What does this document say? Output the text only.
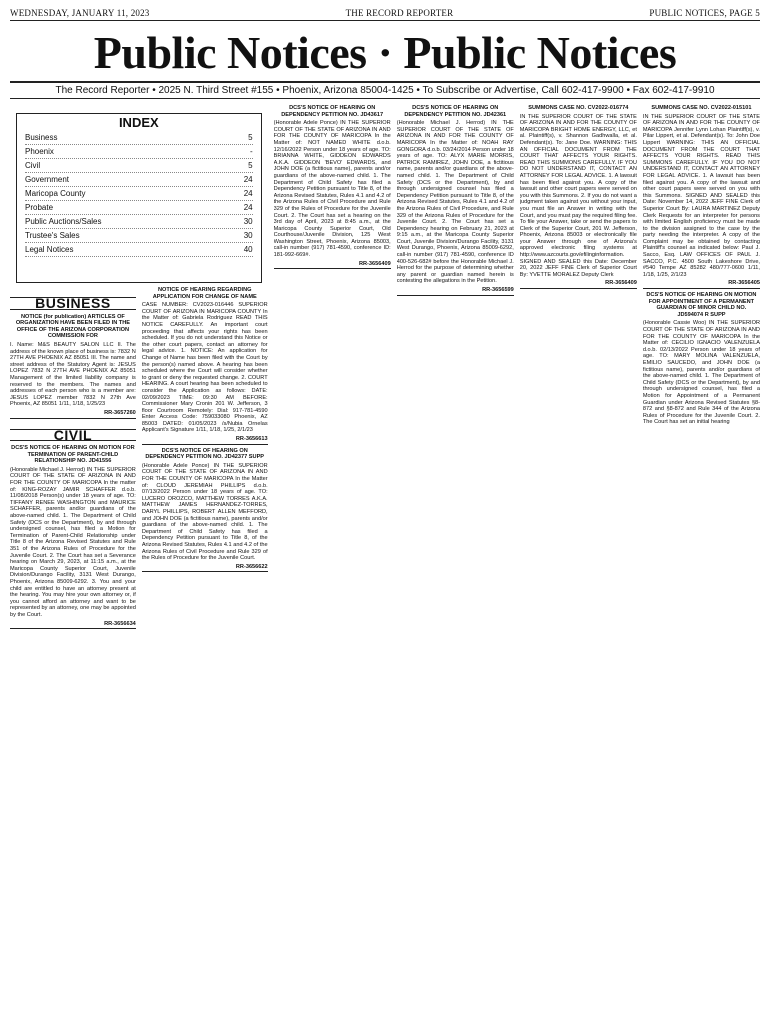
WEDNESDAY, JANUARY 11, 2023	THE RECORD REPORTER	PUBLIC NOTICES, PAGE 5
Public Notices · Public Notices
The Record Reporter • 2025 N. Third Street #155 • Phoenix, Arizona 85004-1425 • To Subscribe or Advertise, Call 602-417-9900 • Fax 602-417-9910
INDEX
Business	5
Phoenix	-
Civil	5
Government	24
Maricopa County	24
Probate	24
Public Auctions/Sales	30
Trustee's Sales	30
Legal Notices	40
BUSINESS

NOTICE (for publication) ARTICLES OF ORGANIZATION HAVE BEEN FILED IN THE OFFICE OF THE ARIZONA CORPORATION COMMISSION FOR

I. Name: M&S BEAUTY SALON LLC II. The address of the known place of business is: 7832 N 27TH AVE PHOENIX AZ 85051 III. The name and street address of the Statutory Agent is: JESUS LOPEZ 7832 N 27TH AVE PHOENIX AZ 85051 Management of the limited liability company is reserved to the members. The names and addresses of each person who is a member are: JESUS LOPEZ member 7832 N 27th Ave Phoenix, AZ 85051 1/11, 1/18, 1/25/23

RR-3657260
CIVIL

DCS'S NOTICE OF HEARING ON MOTION FOR TERMINATION OF PARENT-CHILD RELATIONSHIP NO. JD41556

(Honorable Michael J. Herrod) IN THE SUPERIOR COURT OF THE STATE OF ARIZONA IN AND FOR THE COUNTY OF MARICOPA In the matter of: KING-ROZAY JAMIR SCHAFFER d.o.b. 11/08/2018 Person(s) under 18 years of age. TO: TIFFANY RENEE WASHINGTON and MAURICE SCHAFFER, parents and/or guardians of the above-named child. 1. The Department of Child Safety (DCS or the Department), by and through undersigned counsel, has filed a Motion for Termination of Parent-Child Relationship under Title 8 of the Arizona Revised Statutes and Rule 351 of the Arizona Rules of Procedure for the Juvenile Court. 2. The Court has set a Severance hearing on March 29, 2023, at 11:15 a.m., at the Maricopa County Superior Court, Juvenile Division/Durango Facility, 3131 West Durango, Phoenix, Arizona 85009-6292. 3. You and your child are entitled to have an attorney present at the hearing. You may hire your own attorney or, if you cannot afford an attorney and want to be represented by an attorney, one may be appointed by the Court.

RR-3656634

NOTICE OF HEARING REGARDING APPLICATION FOR CHANGE OF NAME

CASE NUMBER: CV2023-016446 SUPERIOR COURT OF ARIZONA IN MARICOPA COUNTY In the Matter of: Gabriela Rodriguez READ THIS NOTICE CAREFULLY. An important court proceeding that affects your rights has been scheduled. If you do not understand this Notice or the other court papers, contact an attorney for legal advice. 1. NOTICE: An application for Change of Name has been filed with the Court by the person(s) named above. A hearing has been scheduled where the Court will consider whether to grant or deny the requested change. 2. COURT HEARING. A court hearing has been scheduled to consider the Application as follows: DATE: 02/09/2023 TIME: 09:30 AM BEFORE: Commissioner Mary Cronin 201 W. Jefferson, 3 floor Courtroom Remotely: Dial: 917-781-4590 Enter Access Code: 759033080 Phoenix, AZ 85003 DATED: 01/05/2023 /s/Nubia Ornelas Applicant's Signature 1/11, 1/18, 1/25, 2/1/23

RR-3656613

DCS'S NOTICE OF HEARING ON DEPENDENCY PETITION NO. JD42377 SUPP

(Honorable Adele Ponce) IN THE SUPERIOR COURT OF THE STATE OF ARIZONA IN AND FOR THE COUNTY OF MARICOPA In the Matter of: CLOUD JEREMIAH PHILLIPS d.o.b. 07/13/2022 Person under 18 years of age. TO: LUCERO OROZCO, MATTHEW TORRES A.K.A. MATTHEW JAMES HERNANDEZ-TORRES, DARYL PHILLIPS, ROBERT ALLEN MEFFORD, and JOHN DOE (a fictitious name), parents and/or guardians of the above-named child. 1. The Department of Child Safety has filed a Dependency Petition pursuant to Title 8, of the Arizona Revised Statutes, Rules 4.1 and 4.2 of the Arizona Rules of Civil Procedure and Rule 329 of the Rules of Procedure for the Juvenile Court.

RR-3656622

DCS'S NOTICE OF HEARING ON DEPENDENCY PETITION NO. JD43617

(Honorable Adele Ponce) IN THE SUPERIOR COURT OF THE STATE OF ARIZONA IN AND FOR THE COUNTY OF MARICOPA In the Matter of: NOT NAMED WHITE d.o.b. 12/16/2022 Person under 18 years of age. TO: BRIANNA WHITE, GIDDEON EDWARDS A.K.A. GIDDEON 'BEVO' EDWARDS, and JOHN DOE (a fictitious name), parents and/or guardians of the above-named child. 1. The Department of Child Safety has filed a Dependency Petition pursuant to Title 8, of the Arizona Revised Statutes, Rules 4.1 and 4.2 of the Arizona Rules of Civil Procedure and Rule 329 of the Rules of Procedure for the Juvenile Court. 2. The Court has set a hearing on the 3rd day of April, 2023 at 8:45 a.m., at the Maricopa County Superior Court, Old Courthouse/Juvenile Division, 125 West Washington Street, Phoenix, Arizona 85003, call-in number (917) 781-4590, conference ID: 181-992-669#.

RR-3656409

DCS'S NOTICE OF HEARING ON DEPENDENCY PETITION NO. JD42361

(Honorable Michael J. Herrod) IN THE SUPERIOR COURT OF THE STATE OF ARIZONA IN AND FOR THE COUNTY OF MARICOPA In the Matter of: NOAH RAY GONGORA d.o.b. 03/24/2014 Person under 18 years of age. TO: ALYX MARIE MORRIS, PATRICK RAMIREZ, JOHN DOE, a fictitious name, parents and/or guardians of the above-named child. 1. The Department of Child Safety (DCS or the Department), by and through undersigned counsel has filed a Dependency Petition pursuant to Title 8, of the Arizona Revised Statutes, Rules 4.1 and 4.2 of the Arizona Rules of Civil Procedure, and Rule 329 of the Arizona Rules of Procedure for the Juvenile Court. 2. The Court has set a Dependency hearing on February 21, 2023 at 9:15 a.m., at the Maricopa County Superior Court, Juvenile Division/Durango Facility, 3131 West Durango, Phoenix, Arizona 85009-6292, call-in number (917) 781-4590, conference ID 400-526-682# before the Honorable Michael J. Herrod for the purpose of determining whether any parent or guardian named herein is contesting the allegations in the Petition.

RR-3656599

SUMMONS CASE NO. CV2022-016774

IN THE SUPERIOR COURT OF THE STATE OF ARIZONA IN AND FOR THE COUNTY OF MARICOPA BRIGHT HOME ENERGY, LLC, et al. Plaintiff(s), v. Shannon Gadhwalla, et al. Defendant(s). To: Jane Doe. WARNING: THIS AN OFFICIAL DOCUMENT FROM THE COURT THAT AFFECTS YOUR RIGHTS. READ THIS SUMMONS CAREFULLY. IF YOU DO NOT UNDERSTAND IT, CONTACT AN ATTORNEY FOR LEGAL ADVICE. 1. A lawsuit has been filed against you. A copy of the lawsuit and other court papers were served on you with this Summons. 2. If you do not want a judgment taken against you without your input, you must file an Answer in writing with the Court, and you must pay the required filing fee. To file your Answer, take or send the papers to Clerk of the Superior Court, 201 W. Jefferson, Phoenix, Arizona 85003 or electronically file your Answer through one of Arizona's approved electronic filing systems at http://www.azcourts.gov/efilinginformation. SIGNED AND SEALED this Date: December 20, 2022 JEFF FINE Clerk of Superior Court By: YVETTE MORALEZ Deputy Clerk

RR-3656409

SUMMONS CASE NO. CV2022-015101

IN THE SUPERIOR COURT OF THE STATE OF ARIZONA IN AND FOR THE COUNTY OF MARICOPA Jennifer Lynn Lohan Plaintiff(s), v. Pilar Lippert, et al. Defendant(s). To: John Doe Lippert WARNING: THIS AN OFFICIAL DOCUMENT FROM THE COURT THAT AFFECTS YOUR RIGHTS. READ THIS SUMMONS CAREFULLY. IF YOU DO NOT UNDERSTAND IT, CONTACT AN ATTORNEY FOR LEGAL ADVICE. 1. A lawsuit has been filed against you. A copy of the lawsuit and other court papers were served on you with this Summons. SIGNED AND SEALED this Date: November 14, 2022 JEFF FINE Clerk of Superior Court By: LAURA MARTINEZ Deputy Clerk Requests for an interpreter for persons with limited English proficiency must be made to the division assigned to the case by the party needing the interpreter. A copy of the Complaint may be obtained by contacting Plaintiff's counsel as indicated below: Paul J. Sacco, Esq. LAW OFFICES OF PAUL J. SACCO, P.C. 4500 South Lakeshore Drive, #540 Tempe AZ 85282 480/777-0600 1/11, 1/18, 1/25, 2/1/23

RR-3656405

DCS'S NOTICE OF HEARING ON MOTION FOR APPOINTMENT OF A PERMANENT GUARDIAN OF MINOR CHILD NO. JD594074 R SUPP

(Honorable Cassie Woo) IN THE SUPERIOR COURT OF THE STATE OF ARIZONA IN AND FOR THE COUNTY OF MARICOPA In the Matter of: CECILIO IGNACIO VALENZUELA d.o.b. 02/13/2022 Person under 18 years of age. TO: MARY MOLINA VALENZUELA, EMILIO SAUCEDO, and JOHN DOE (a fictitious name), parents and/or guardians of the above-named child. 1. The Department of Child Safety (DCS or the Department), by and through undersigned counsel, has filed a Motion for Appointment of a Permanent Guardian under Arizona Revised Statutes §8-872 and §8-872 and Rule 344 of the Arizona Rules of Procedure for the Juvenile Court. 2. The Court has set an initial hearing
